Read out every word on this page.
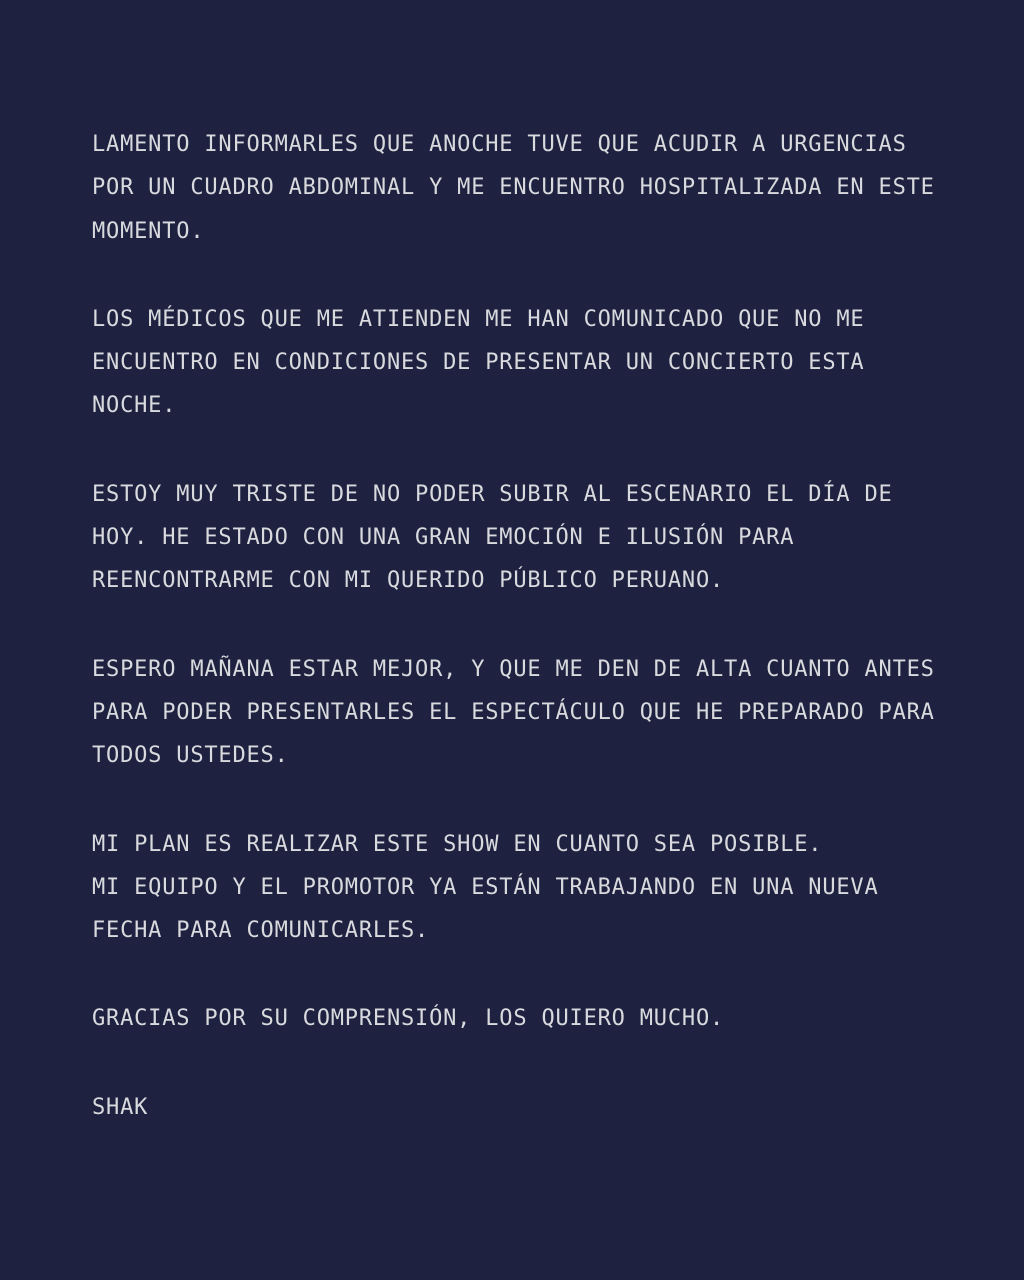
LAMENTO INFORMARLES QUE ANOCHE TUVE QUE ACUDIR A URGENCIAS
POR UN CUADRO ABDOMINAL Y ME ENCUENTRO HOSPITALIZADA EN ESTE
MOMENTO.

LOS MÉDICOS QUE ME ATIENDEN ME HAN COMUNICADO QUE NO ME
ENCUENTRO EN CONDICIONES DE PRESENTAR UN CONCIERTO ESTA
NOCHE.

ESTOY MUY TRISTE DE NO PODER SUBIR AL ESCENARIO EL DÍA DE
HOY. HE ESTADO CON UNA GRAN EMOCIÓN E ILUSIÓN PARA
REENCONTRARME CON MI QUERIDO PÚBLICO PERUANO.

ESPERO MAÑANA ESTAR MEJOR, Y QUE ME DEN DE ALTA CUANTO ANTES
PARA PODER PRESENTARLES EL ESPECTÁCULO QUE HE PREPARADO PARA
TODOS USTEDES.

MI PLAN ES REALIZAR ESTE SHOW EN CUANTO SEA POSIBLE.
MI EQUIPO Y EL PROMOTOR YA ESTÁN TRABAJANDO EN UNA NUEVA
FECHA PARA COMUNICARLES.

GRACIAS POR SU COMPRENSIÓN, LOS QUIERO MUCHO.

SHAK
